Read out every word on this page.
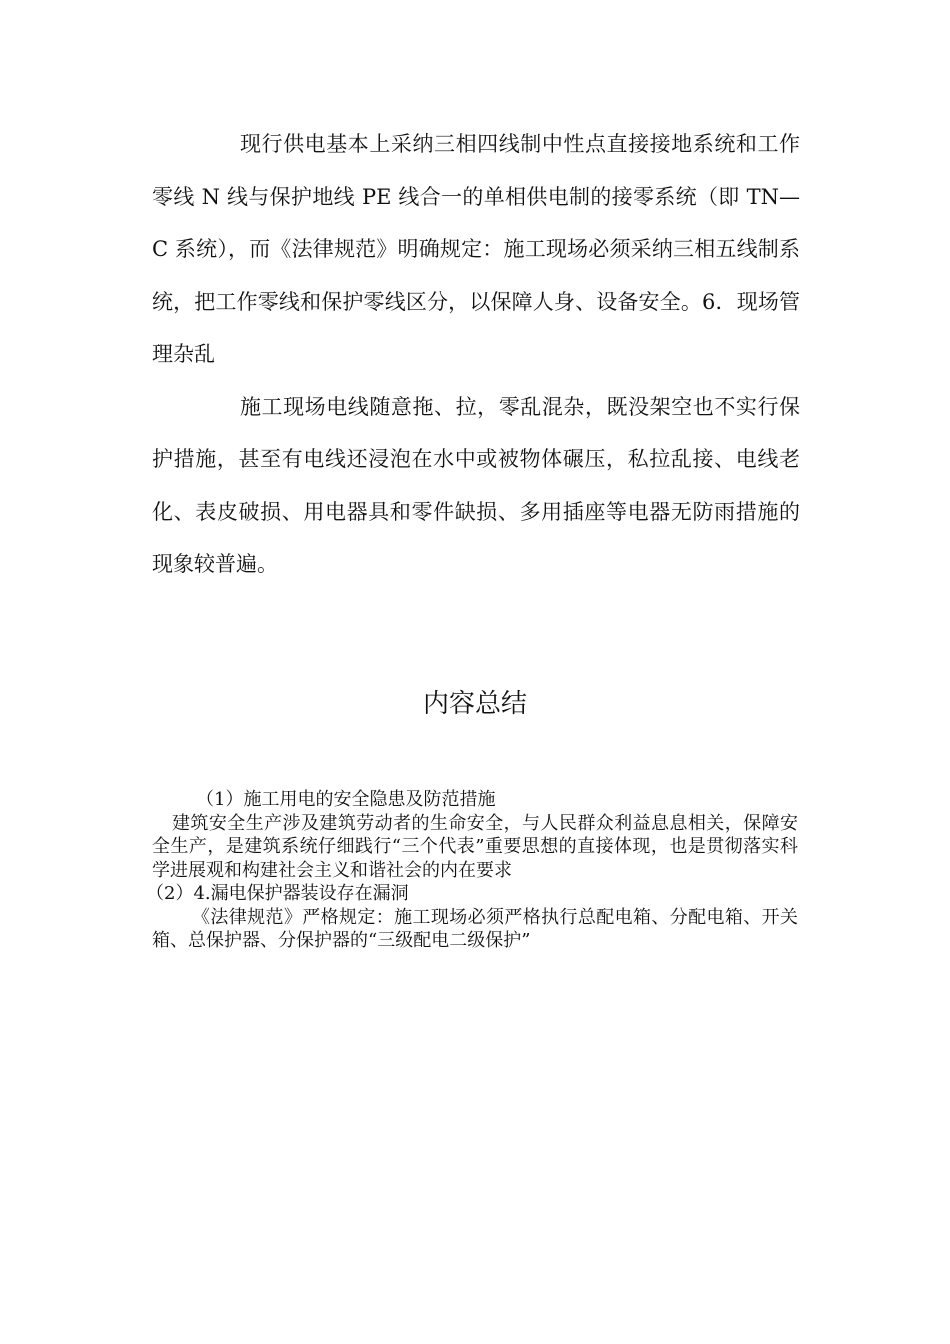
现行供电基本上采纳三相四线制中性点直接接地系统和工作零线 N 线与保护地线 PE 线合一的单相供电制的接零系统（即 TN—C 系统），而《法律规范》明确规定：施工现场必须采纳三相五线制系统，把工作零线和保护零线区分，以保障人身、设备安全。6．现场管理杂乱

施工现场电线随意拖、拉，零乱混杂，既没架空也不实行保护措施，甚至有电线还浸泡在水中或被物体碾压，私拉乱接、电线老化、表皮破损、用电器具和零件缺损、多用插座等电器无防雨措施的现象较普遍。

内容总结

（1）施工用电的安全隐患及防范措施

建筑安全生产涉及建筑劳动者的生命安全，与人民群众利益息息相关，保障安全生产，是建筑系统仔细践行“三个代表”重要思想的直接体现，也是贯彻落实科学进展观和构建社会主义和谐社会的内在要求

（2）4.漏电保护器装设存在漏洞

《法律规范》严格规定：施工现场必须严格执行总配电箱、分配电箱、开关箱、总保护器、分保护器的“三级配电二级保护”
